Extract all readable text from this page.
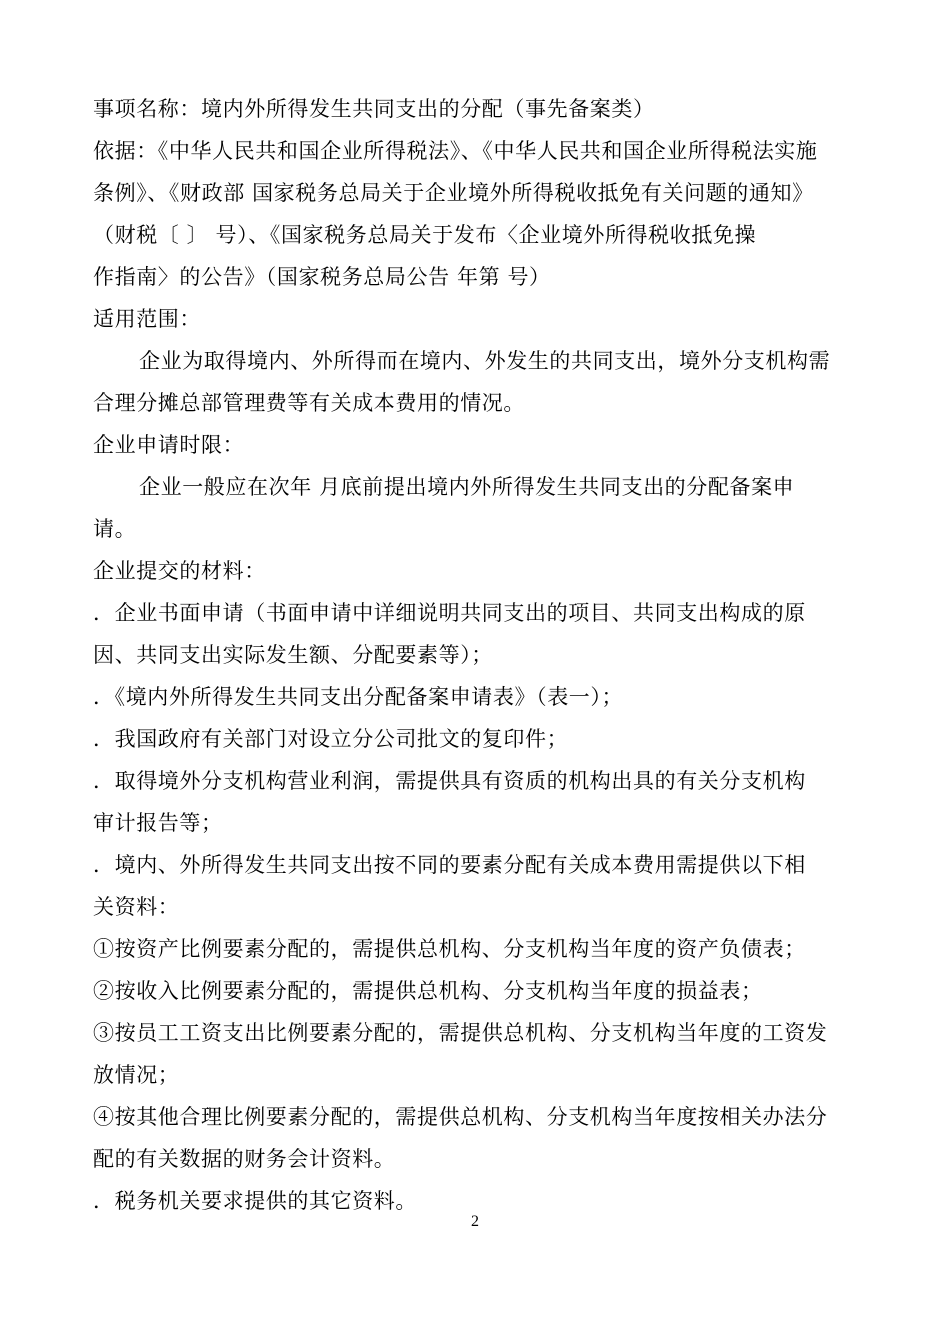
事项名称：境内外所得发生共同支出的分配（事先备案类）
依据：《中华人民共和国企业所得税法》、《中华人民共和国企业所得税法实施
条例》、《财政部 国家税务总局关于企业境外所得税收抵免有关问题的通知》
（财税〔 〕 号）、《国家税务总局关于发布〈企业境外所得税收抵免操
作指南〉的公告》（国家税务总局公告 年第 号）
适用范围：
企业为取得境内、外所得而在境内、外发生的共同支出，境外分支机构需
合理分摊总部管理费等有关成本费用的情况。
企业申请时限：
企业一般应在次年 月底前提出境内外所得发生共同支出的分配备案申
请。
企业提交的材料：
．企业书面申请（书面申请中详细说明共同支出的项目、共同支出构成的原
因、共同支出实际发生额、分配要素等）；
．《境内外所得发生共同支出分配备案申请表》（表一）；
．我国政府有关部门对设立分公司批文的复印件；
．取得境外分支机构营业利润，需提供具有资质的机构出具的有关分支机构
审计报告等；
．境内、外所得发生共同支出按不同的要素分配有关成本费用需提供以下相
关资料：
①按资产比例要素分配的，需提供总机构、分支机构当年度的资产负债表；
②按收入比例要素分配的，需提供总机构、分支机构当年度的损益表；
③按员工工资支出比例要素分配的，需提供总机构、分支机构当年度的工资发
放情况；
④按其他合理比例要素分配的，需提供总机构、分支机构当年度按相关办法分
配的有关数据的财务会计资料。
．税务机关要求提供的其它资料。
2
